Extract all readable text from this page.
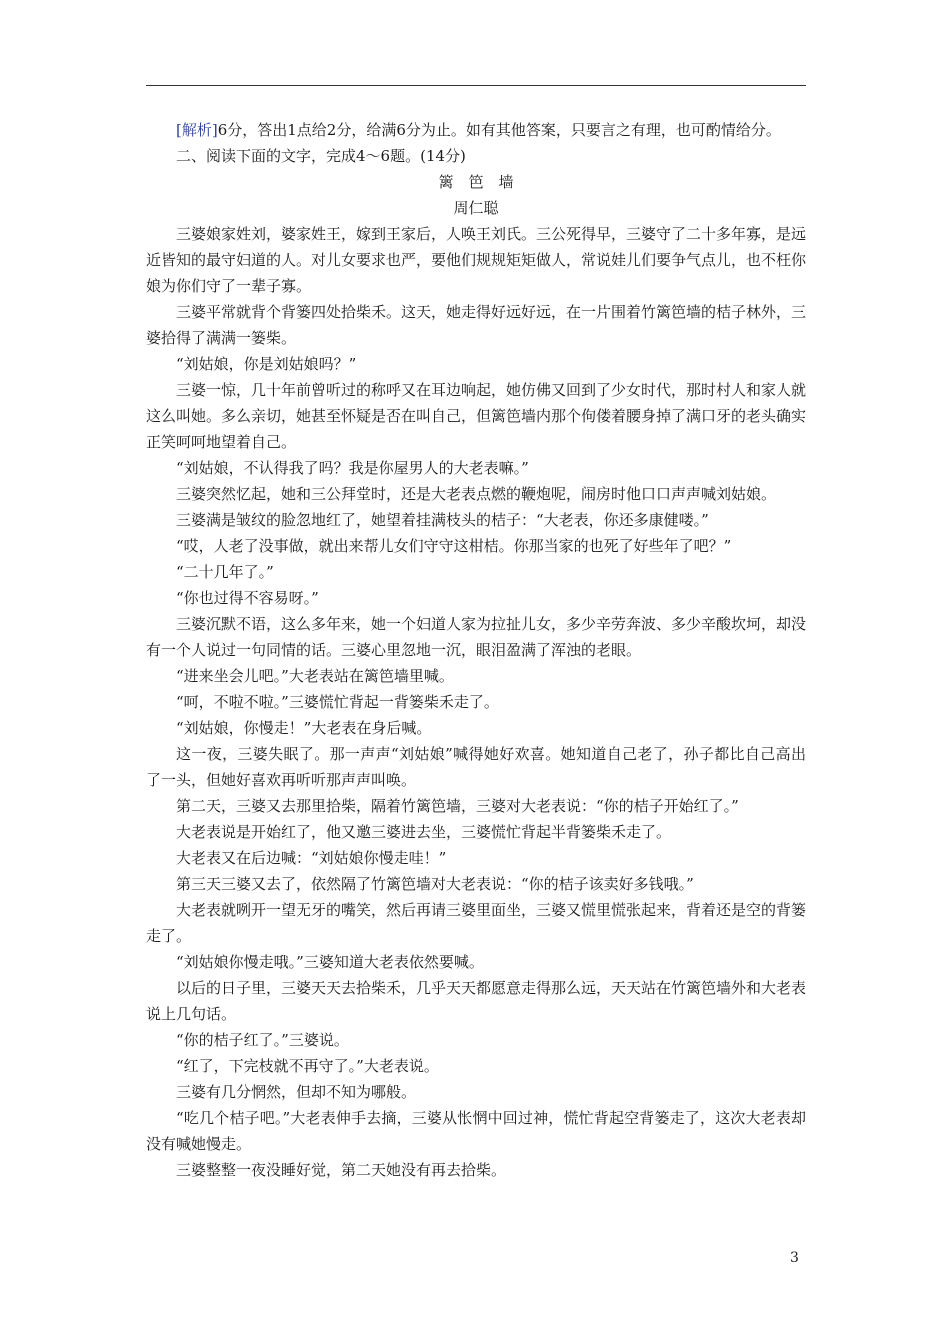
[解析]6分，答出1点给2分，给满6分为止。如有其他答案，只要言之有理，也可酌情给分。

二、阅读下面的文字，完成4～6题。(14分)

篱　笆　墙

周仁聪

三婆娘家姓刘，婆家姓王，嫁到王家后，人唤王刘氏。三公死得早，三婆守了二十多年寡，是远近皆知的最守妇道的人。对儿女要求也严，要他们规规矩矩做人，常说娃儿们要争气点儿，也不枉你娘为你们守了一辈子寡。

三婆平常就背个背篓四处拾柴禾。这天，她走得好远好远，在一片围着竹篱笆墙的桔子林外，三婆拾得了满满一篓柴。

“刘姑娘，你是刘姑娘吗？”

三婆一惊，几十年前曾听过的称呼又在耳边响起，她仿佛又回到了少女时代，那时村人和家人就这么叫她。多么亲切，她甚至怀疑是否在叫自己，但篱笆墙内那个佝偻着腰身掉了满口牙的老头确实正笑呵呵地望着自己。

“刘姑娘，不认得我了吗？我是你屋男人的大老表嘛。”

三婆突然忆起，她和三公拜堂时，还是大老表点燃的鞭炮呢，闹房时他口口声声喊刘姑娘。

三婆满是皱纹的脸忽地红了，她望着挂满枝头的桔子：“大老表，你还多康健喽。”

“哎，人老了没事做，就出来帮儿女们守守这柑桔。你那当家的也死了好些年了吧？”

“二十几年了。”

“你也过得不容易呀。”

三婆沉默不语，这么多年来，她一个妇道人家为拉扯儿女，多少辛劳奔波、多少辛酸坎坷，却没有一个人说过一句同情的话。三婆心里忽地一沉，眼泪盈满了浑浊的老眼。

“进来坐会儿吧。”大老表站在篱笆墙里喊。

“呵，不啦不啦。”三婆慌忙背起一背篓柴禾走了。

“刘姑娘，你慢走！”大老表在身后喊。

这一夜，三婆失眠了。那一声声“刘姑娘”喊得她好欢喜。她知道自己老了，孙子都比自己高出了一头，但她好喜欢再听听那声声叫唤。

第二天，三婆又去那里拾柴，隔着竹篱笆墙，三婆对大老表说：“你的桔子开始红了。”

大老表说是开始红了，他又邀三婆进去坐，三婆慌忙背起半背篓柴禾走了。

大老表又在后边喊：“刘姑娘你慢走哇！”

第三天三婆又去了，依然隔了竹篱笆墙对大老表说：“你的桔子该卖好多钱哦。”

大老表就咧开一望无牙的嘴笑，然后再请三婆里面坐，三婆又慌里慌张起来，背着还是空的背篓走了。

“刘姑娘你慢走哦。”三婆知道大老表依然要喊。

以后的日子里，三婆天天去拾柴禾，几乎天天都愿意走得那么远，天天站在竹篱笆墙外和大老表说上几句话。

“你的桔子红了。”三婆说。

“红了，下完枝就不再守了。”大老表说。

三婆有几分惘然，但却不知为哪般。

“吃几个桔子吧。”大老表伸手去摘，三婆从怅惘中回过神，慌忙背起空背篓走了，这次大老表却没有喊她慢走。

三婆整整一夜没睡好觉，第二天她没有再去拾柴。

3
